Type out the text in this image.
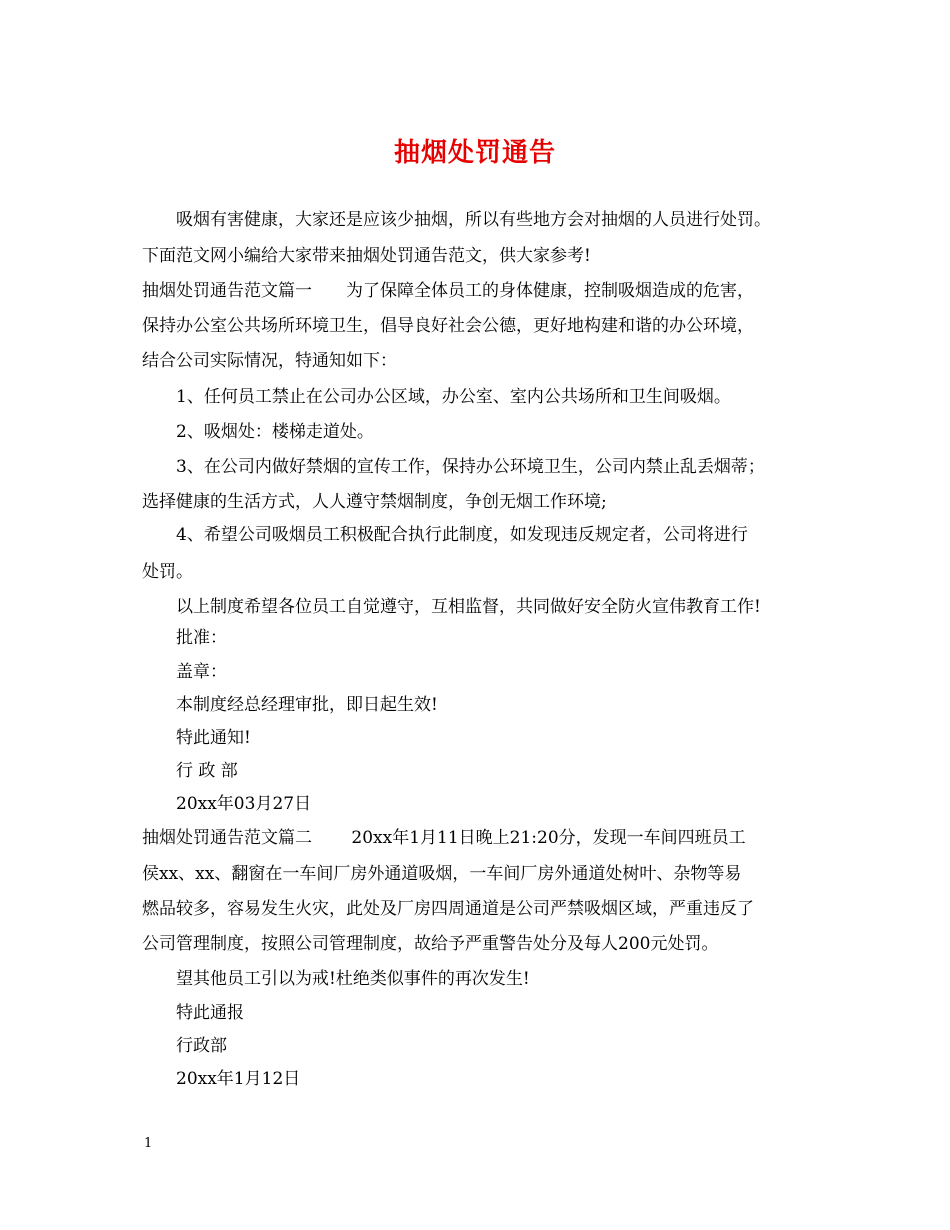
抽烟处罚通告
吸烟有害健康，大家还是应该少抽烟，所以有些地方会对抽烟的人员进行处罚。
下面范文网小编给大家带来抽烟处罚通告范文，供大家参考!
抽烟处罚通告范文篇一　　为了保障全体员工的身体健康，控制吸烟造成的危害，
保持办公室公共场所环境卫生，倡导良好社会公德，更好地构建和谐的办公环境，
结合公司实际情况，特通知如下：
1、任何员工禁止在公司办公区域，办公室、室内公共场所和卫生间吸烟。
2、吸烟处：楼梯走道处。
3、在公司内做好禁烟的宣传工作，保持办公环境卫生，公司内禁止乱丢烟蒂；
选择健康的生活方式，人人遵守禁烟制度，争创无烟工作环境;
4、希望公司吸烟员工积极配合执行此制度，如发现违反规定者，公司将进行
处罚。
以上制度希望各位员工自觉遵守，互相监督，共同做好安全防火宣伟教育工作!
批准：
盖章：
本制度经总经理审批，即日起生效!
特此通知!
行 政 部
20xx年03月27日
抽烟处罚通告范文篇二　　 20xx年1月11日晚上21:20分，发现一车间四班员工
侯xx、xx、翻窗在一车间厂房外通道吸烟，一车间厂房外通道处树叶、杂物等易
燃品较多，容易发生火灾，此处及厂房四周通道是公司严禁吸烟区域，严重违反了
公司管理制度，按照公司管理制度，故给予严重警告处分及每人200元处罚。
望其他员工引以为戒!杜绝类似事件的再次发生!
特此通报
行政部
20xx年1月12日
1
